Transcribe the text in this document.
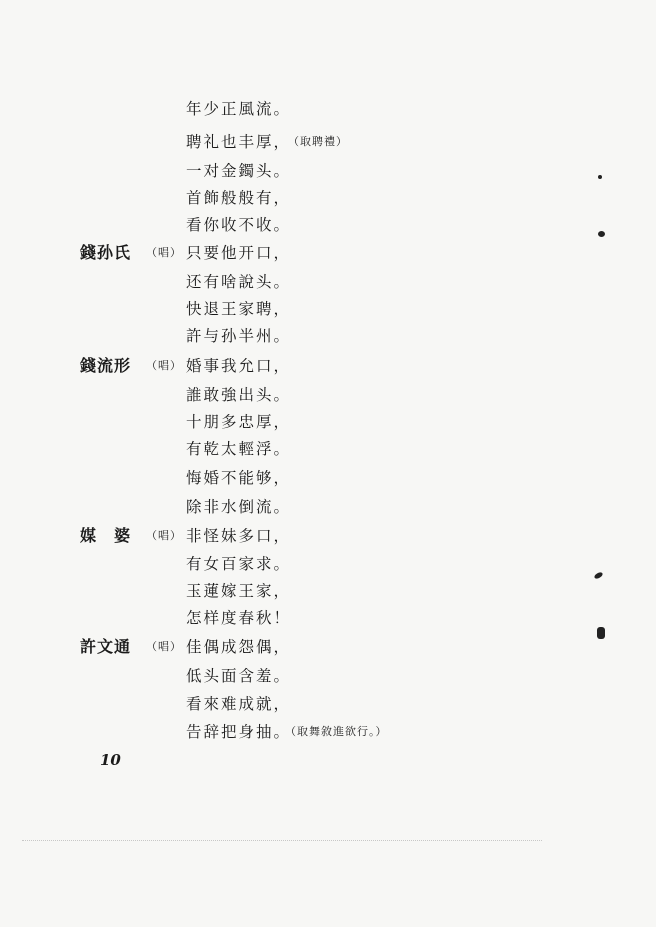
年少正風流。
聘礼也丰厚，
（取聘禮）
一对金鐲头。
首飾般般有，
看你收不收。
錢孙氏	（唱） 只要他开口，
还有啥說头。
快退王家聘，
許与孙半州。
錢流形	（唱） 婚事我允口，
誰敢強出头。
十朋多忠厚，
有乾太輕浮。
悔婚不能够，
除非水倒流。
媒　婆	（唱） 非怪妹多口，
有女百家求。
玉蓮嫁王家，
怎样度春秋！
許文通	（唱） 佳偶成怨偶，
低头面含羞。
看來难成就，
告辞把身抽。
（取舞敘進欲行。）
10
